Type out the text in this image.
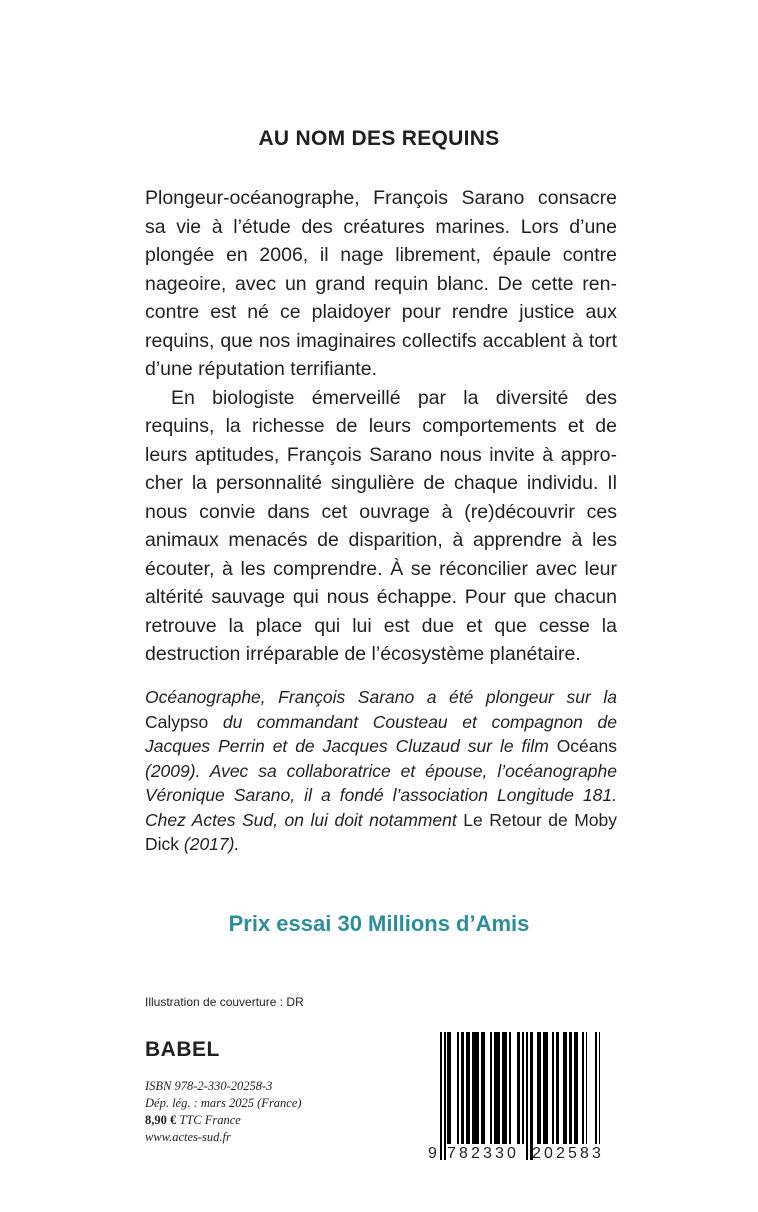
AU NOM DES REQUINS

Plongeur-océanographe, François Sarano consacre sa vie à l’étude des créatures marines. Lors d’une plongée en 2006, il nage librement, épaule contre nageoire, avec un grand requin blanc. De cette rencontre est né ce plaidoyer pour rendre justice aux requins, que nos imaginaires collectifs accablent à tort d’une réputation terrifiante.

En biologiste émerveillé par la diversité des requins, la richesse de leurs comportements et de leurs aptitudes, François Sarano nous invite à approcher la personnalité singulière de chaque individu. Il nous convie dans cet ouvrage à (re)découvrir ces animaux menacés de disparition, à apprendre à les écouter, à les comprendre. À se réconcilier avec leur altérité sauvage qui nous échappe. Pour que chacun retrouve la place qui lui est due et que cesse la destruction irréparable de l’écosystème planétaire.

Océanographe, François Sarano a été plongeur sur la Calypso du commandant Cousteau et compagnon de Jacques Perrin et de Jacques Cluzaud sur le film Océans (2009). Avec sa collaboratrice et épouse, l’océanographe Véronique Sarano, il a fondé l’association Longitude 181. Chez Actes Sud, on lui doit notamment Le Retour de Moby Dick (2017).
Prix essai 30 Millions d’Amis
Illustration de couverture : DR
BABEL
ISBN 978-2-330-20258-3
Dép. lég. : mars 2025 (France)
8,90 € TTC France
www.actes-sud.fr
9 782330 202583
